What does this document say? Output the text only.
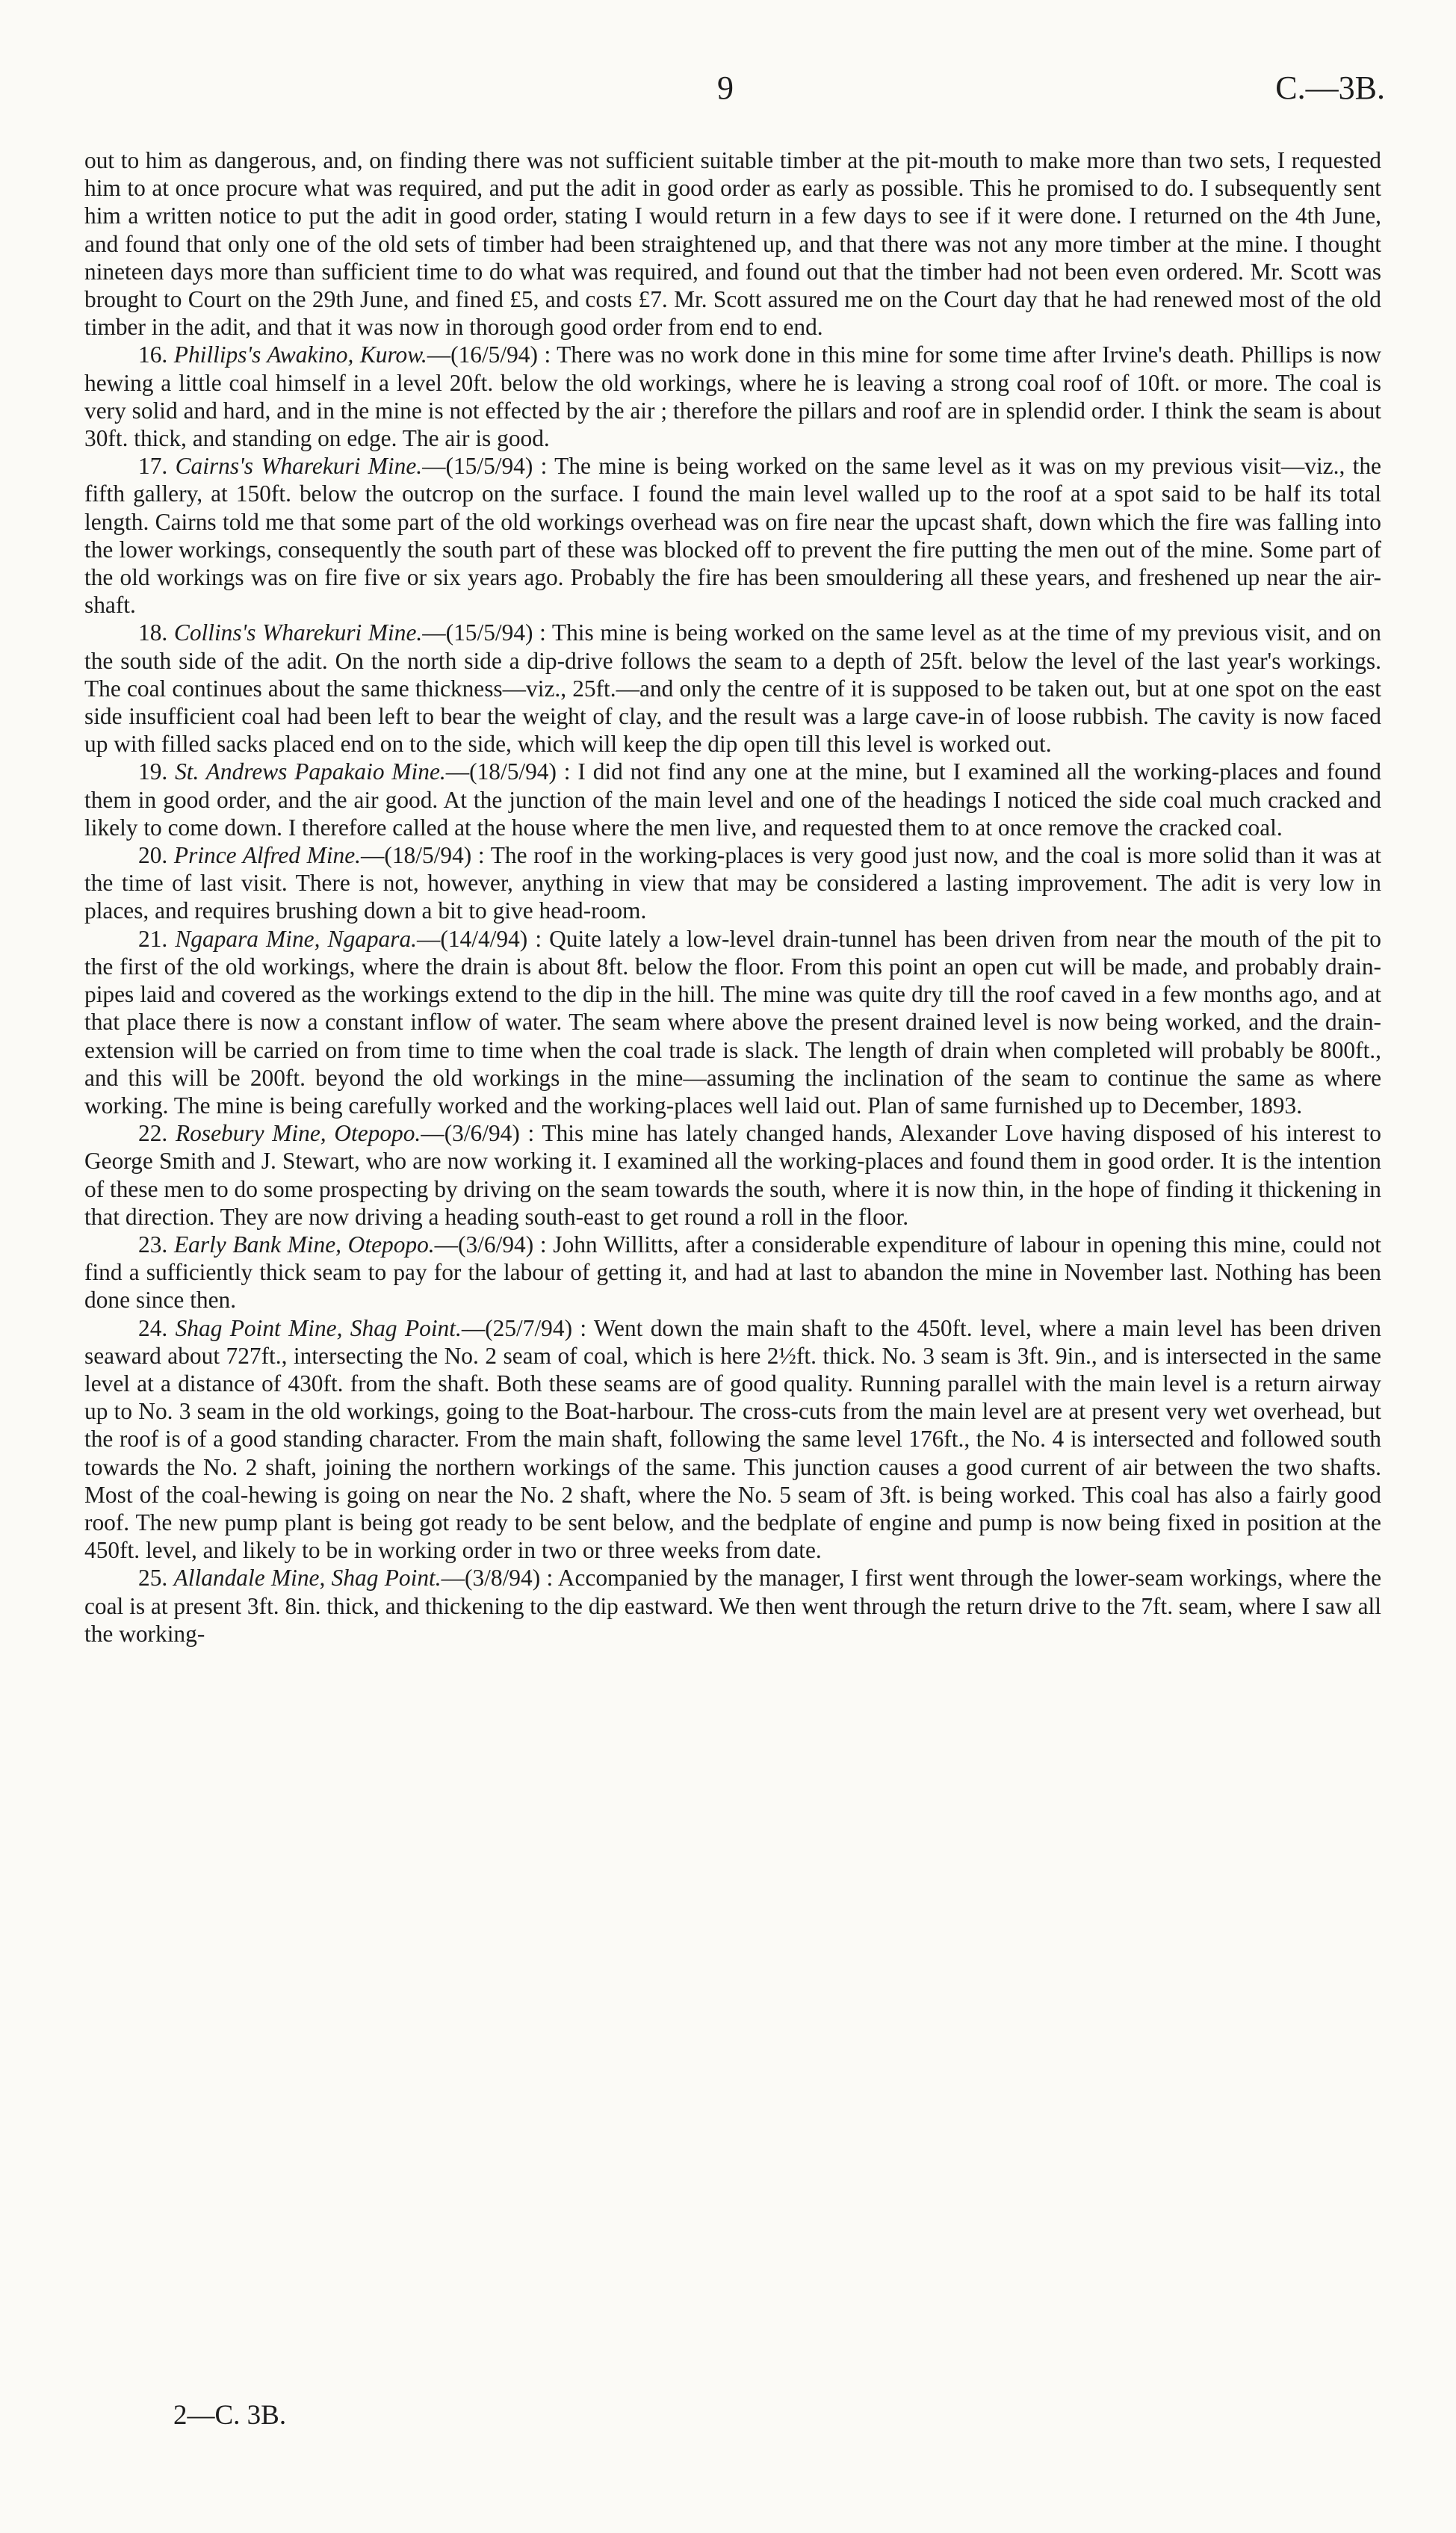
9	C.—3B.

out to him as dangerous, and, on finding there was not sufficient suitable timber at the pit-mouth to make more than two sets, I requested him to at once procure what was required, and put the adit in good order as early as possible. This he promised to do. I subsequently sent him a written notice to put the adit in good order, stating I would return in a few days to see if it were done. I returned on the 4th June, and found that only one of the old sets of timber had been straightened up, and that there was not any more timber at the mine. I thought nineteen days more than sufficient time to do what was required, and found out that the timber had not been even ordered. Mr. Scott was brought to Court on the 29th June, and fined £5, and costs £7. Mr. Scott assured me on the Court day that he had renewed most of the old timber in the adit, and that it was now in thorough good order from end to end.

16. Phillips's Awakino, Kurow.—(16/5/94) : There was no work done in this mine for some time after Irvine's death. Phillips is now hewing a little coal himself in a level 20ft. below the old workings, where he is leaving a strong coal roof of 10ft. or more. The coal is very solid and hard, and in the mine is not effected by the air ; therefore the pillars and roof are in splendid order. I think the seam is about 30ft. thick, and standing on edge. The air is good.

17. Cairns's Wharekuri Mine.—(15/5/94) : The mine is being worked on the same level as it was on my previous visit—viz., the fifth gallery, at 150ft. below the outcrop on the surface. I found the main level walled up to the roof at a spot said to be half its total length. Cairns told me that some part of the old workings overhead was on fire near the upcast shaft, down which the fire was falling into the lower workings, consequently the south part of these was blocked off to prevent the fire putting the men out of the mine. Some part of the old workings was on fire five or six years ago. Probably the fire has been smouldering all these years, and freshened up near the air-shaft.

18. Collins's Wharekuri Mine.—(15/5/94) : This mine is being worked on the same level as at the time of my previous visit, and on the south side of the adit. On the north side a dip-drive follows the seam to a depth of 25ft. below the level of the last year's workings. The coal continues about the same thickness—viz., 25ft.—and only the centre of it is supposed to be taken out, but at one spot on the east side insufficient coal had been left to bear the weight of clay, and the result was a large cave-in of loose rubbish. The cavity is now faced up with filled sacks placed end on to the side, which will keep the dip open till this level is worked out.

19. St. Andrews Papakaio Mine.—(18/5/94) : I did not find any one at the mine, but I examined all the working-places and found them in good order, and the air good. At the junction of the main level and one of the headings I noticed the side coal much cracked and likely to come down. I therefore called at the house where the men live, and requested them to at once remove the cracked coal.

20. Prince Alfred Mine.—(18/5/94) : The roof in the working-places is very good just now, and the coal is more solid than it was at the time of last visit. There is not, however, anything in view that may be considered a lasting improvement. The adit is very low in places, and requires brushing down a bit to give head-room.

21. Ngapara Mine, Ngapara.—(14/4/94) : Quite lately a low-level drain-tunnel has been driven from near the mouth of the pit to the first of the old workings, where the drain is about 8ft. below the floor. From this point an open cut will be made, and probably drain-pipes laid and covered as the workings extend to the dip in the hill. The mine was quite dry till the roof caved in a few months ago, and at that place there is now a constant inflow of water. The seam where above the present drained level is now being worked, and the drain-extension will be carried on from time to time when the coal trade is slack. The length of drain when completed will probably be 800ft., and this will be 200ft. beyond the old workings in the mine—assuming the inclination of the seam to continue the same as where working. The mine is being carefully worked and the working-places well laid out. Plan of same furnished up to December, 1893.

22. Rosebury Mine, Otepopo.—(3/6/94) : This mine has lately changed hands, Alexander Love having disposed of his interest to George Smith and J. Stewart, who are now working it. I examined all the working-places and found them in good order. It is the intention of these men to do some prospecting by driving on the seam towards the south, where it is now thin, in the hope of finding it thickening in that direction. They are now driving a heading south-east to get round a roll in the floor.

23. Early Bank Mine, Otepopo.—(3/6/94) : John Willitts, after a considerable expenditure of labour in opening this mine, could not find a sufficiently thick seam to pay for the labour of getting it, and had at last to abandon the mine in November last. Nothing has been done since then.

24. Shag Point Mine, Shag Point.—(25/7/94) : Went down the main shaft to the 450ft. level, where a main level has been driven seaward about 727ft., intersecting the No. 2 seam of coal, which is here 2½ft. thick. No. 3 seam is 3ft. 9in., and is intersected in the same level at a distance of 430ft. from the shaft. Both these seams are of good quality. Running parallel with the main level is a return airway up to No. 3 seam in the old workings, going to the Boat-harbour. The cross-cuts from the main level are at present very wet overhead, but the roof is of a good standing character. From the main shaft, following the same level 176ft., the No. 4 is intersected and followed south towards the No. 2 shaft, joining the northern workings of the same. This junction causes a good current of air between the two shafts. Most of the coal-hewing is going on near the No. 2 shaft, where the No. 5 seam of 3ft. is being worked. This coal has also a fairly good roof. The new pump plant is being got ready to be sent below, and the bedplate of engine and pump is now being fixed in position at the 450ft. level, and likely to be in working order in two or three weeks from date.

25. Allandale Mine, Shag Point.—(3/8/94) : Accompanied by the manager, I first went through the lower-seam workings, where the coal is at present 3ft. 8in. thick, and thickening to the dip eastward. We then went through the return drive to the 7ft. seam, where I saw all the working-

2—C. 3B.
